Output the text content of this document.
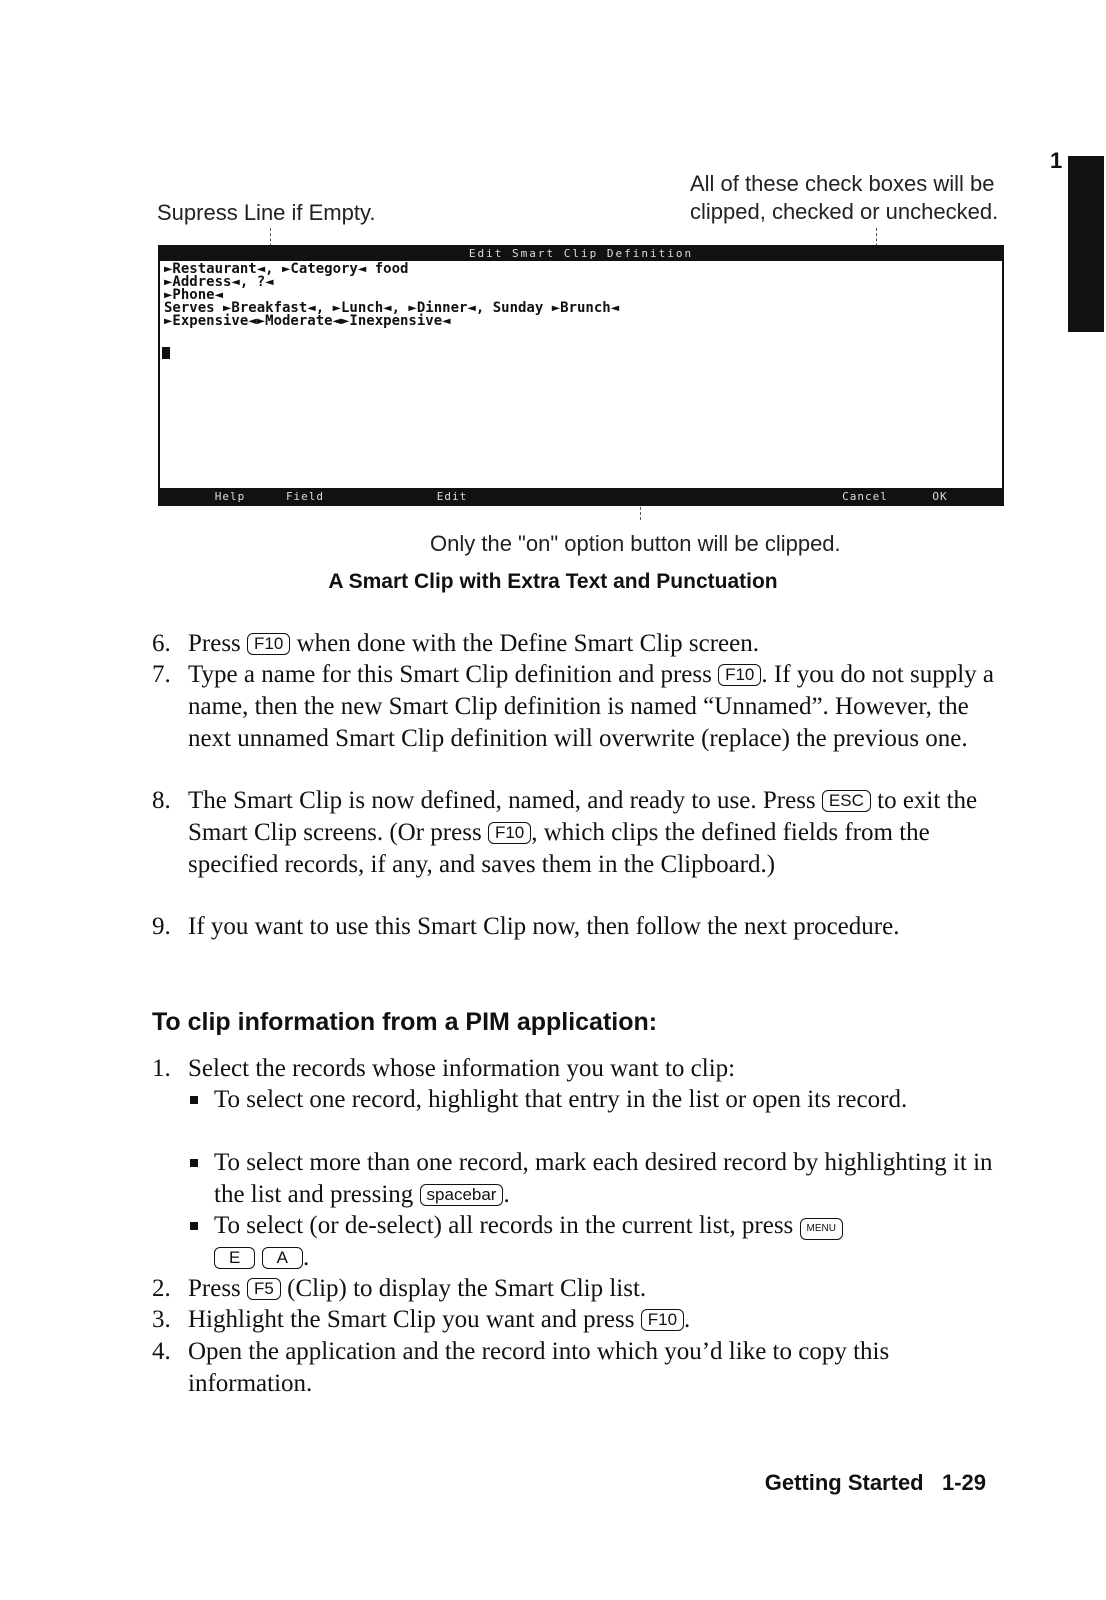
1
Supress Line if Empty.
All of these check boxes will be clipped, checked or unchecked.
Edit Smart Clip Definition
►Restaurant◄, ►Category◄ food
►Address◄, ?◄
►Phone◄
Serves ►Breakfast◄, ►Lunch◄, ►Dinner◄, Sunday ►Brunch◄
►Expensive◄►Moderate◄►Inexpensive◄
Help	Field	Edit	Cancel	OK
Only the "on" option button will be clipped.
A Smart Clip with Extra Text and Punctuation
6. Press F10 when done with the Define Smart Clip screen.
7. Type a name for this Smart Clip definition and press F10 . If you do not supply a name, then the new Smart Clip definition is named “Unnamed”. However, the next unnamed Smart Clip definition will overwrite (replace) the previous one.
8. The Smart Clip is now defined, named, and ready to use. Press ESC to exit the Smart Clip screens. (Or press F10 , which clips the defined fields from the specified records, if any, and saves them in the Clipboard.)
9. If you want to use this Smart Clip now, then follow the next procedure.
To clip information from a PIM application:
1. Select the records whose information you want to clip:
To select one record, highlight that entry in the list or open its record.
To select more than one record, mark each desired record by highlighting it in the list and pressing spacebar .
To select (or de-select) all records in the current list, press MENU
E A .
2. Press F5 (Clip) to display the Smart Clip list.
3. Highlight the Smart Clip you want and press F10 .
4. Open the application and the record into which you’d like to copy this information.
Getting Started   1-29
